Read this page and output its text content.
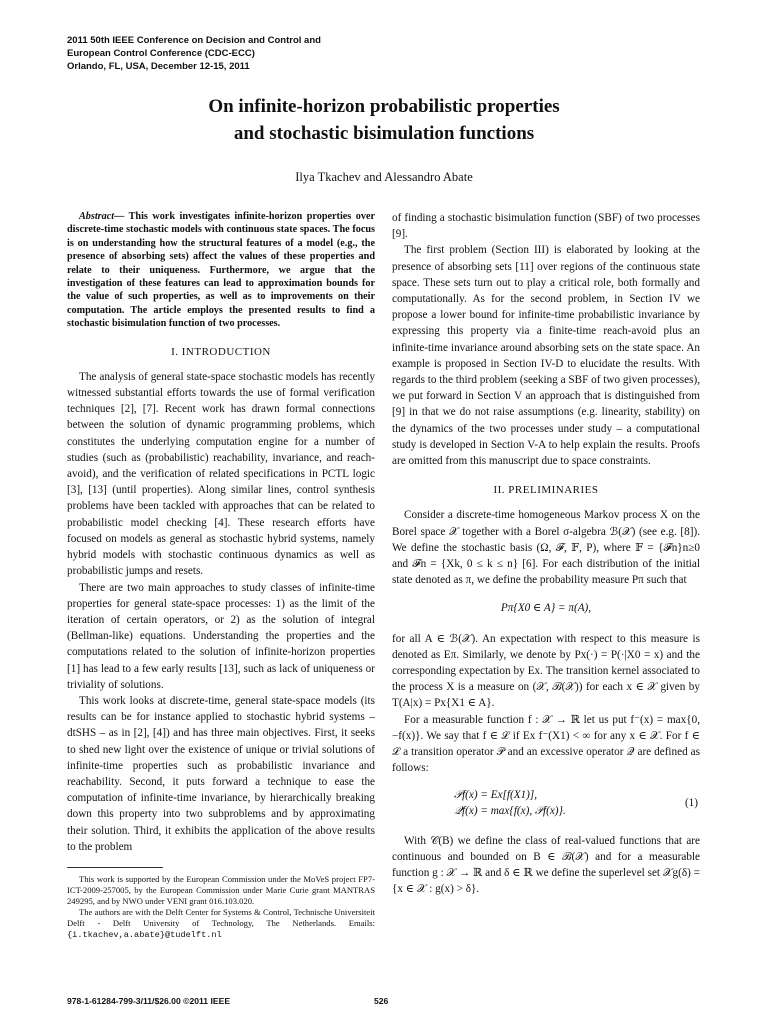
2011 50th IEEE Conference on Decision and Control and
European Control Conference (CDC-ECC)
Orlando, FL, USA, December 12-15, 2011
On infinite-horizon probabilistic properties
and stochastic bisimulation functions
Ilya Tkachev and Alessandro Abate

Abstract— This work investigates infinite-horizon properties over discrete-time stochastic models with continuous state spaces. The focus is on understanding how the structural features of a model (e.g., the presence of absorbing sets) affect the values of these properties and relate to their uniqueness. Furthermore, we argue that the investigation of these features can lead to approximation bounds for the value of such properties, as well as to improvements on their computation. The article employs the presented results to find a stochastic bisimulation function of two processes.

I. INTRODUCTION

The analysis of general state-space stochastic models has recently witnessed substantial efforts towards the use of formal verification techniques [2], [7]. Recent work has drawn formal connections between the solution of dynamic programming problems, which constitutes the underlying computation engine for a number of studies (such as (probabilistic) reachability, invariance, and reach-avoid), and the verification of related specifications in PCTL logic [3], [13] (until properties). Along similar lines, control synthesis problems have been tackled with approaches that can be related to probabilistic model checking [4]. These research efforts have focused on models as general as stochastic hybrid systems, namely hybrid models with stochastic continuous dynamics as well as probabilistic jumps and resets.

There are two main approaches to study classes of infinite-time properties for general state-space processes: 1) as the limit of the iteration of certain operators, or 2) as the solution of integral (Bellman-like) equations. Understanding the properties and the computations related to the solution of infinite-horizon properties [1] has lead to a few early results [13], such as lack of uniqueness or triviality of solutions.

This work looks at discrete-time, general state-space models (its results can be for instance applied to stochastic hybrid systems – dtSHS – as in [2], [4]) and has three main objectives. First, it seeks to shed new light over the existence of unique or trivial solutions of infinite-time properties such as probabilistic invariance and reachability. Second, it puts forward a technique to ease the computation of infinite-time invariance, by hierarchically breaking down this property into two subproblems and by approximating their solution. Third, it exhibits the application of the above results to the problem

This work is supported by the European Commission under the MoVeS project FP7-ICT-2009-257005, by the European Commission under Marie Curie grant MANTRAS 249295, and by NWO under VENI grant 016.103.020.

The authors are with the Delft Center for Systems & Control, Technische Universiteit Delft - Delft University of Technology, The Netherlands. Emails: {i.tkachev,a.abate}@tudelft.nl

of finding a stochastic bisimulation function (SBF) of two processes [9].

The first problem (Section III) is elaborated by looking at the presence of absorbing sets [11] over regions of the continuous state space. These sets turn out to play a critical role, both formally and computationally. As for the second problem, in Section IV we propose a lower bound for infinite-time probabilistic invariance by expressing this property via a finite-time reach-avoid plus an infinite-time invariance around absorbing sets on the state space. An example is proposed in Section IV-D to elucidate the results. With regards to the third problem (seeking a SBF of two given processes), we put forward in Section V an approach that is distinguished from [9] in that we do not raise assumptions (e.g. linearity, stability) on the dynamics of the two processes under study – a computational study is developed in Section V-A to help explain the results. Proofs are omitted from this manuscript due to space constraints.

II. PRELIMINARIES

Consider a discrete-time homogeneous Markov process X on the Borel space 𝒳 together with a Borel σ-algebra ℬ(𝒳) (see e.g. [8]). We define the stochastic basis (Ω, 𝓕, 𝔽, P), where 𝔽 = {𝓕n}n≥0 and 𝓕n = {Xk, 0 ≤ k ≤ n} [6]. For each distribution of the initial state denoted as π, we define the probability measure Pπ such that

Pπ{X0 ∈ A} = π(A),

for all A ∈ ℬ(𝒳). An expectation with respect to this measure is denoted as Eπ. Similarly, we denote by Px(·) = P(·|X0 = x) and the corresponding expectation by Ex. The transition kernel associated to the process X is a measure on (𝒳, ℬ(𝒳)) for each x ∈ 𝒳 given by T(A|x) = Px{X1 ∈ A}.

For a measurable function f : 𝒳 → ℝ let us put f⁻(x) = max{0, −f(x)}. We say that f ∈ ℒ if Ex f⁻(X1) < ∞ for any x ∈ 𝒳. For f ∈ ℒ a transition operator 𝒫 and an excessive operator 𝒬 are defined as follows:

𝒫f(x) = Ex[f(X1)],
𝒬f(x) = max{f(x), 𝒫f(x)}.
(1)

With 𝒞(B) we define the class of real-valued functions that are continuous and bounded on B ∈ ℬ(𝒳) and for a measurable function g : 𝒳 → ℝ and δ ∈ ℝ we define the superlevel set 𝒳g(δ) = {x ∈ 𝒳 : g(x) > δ}.

978-1-61284-799-3/11/$26.00 ©2011 IEEE	526
